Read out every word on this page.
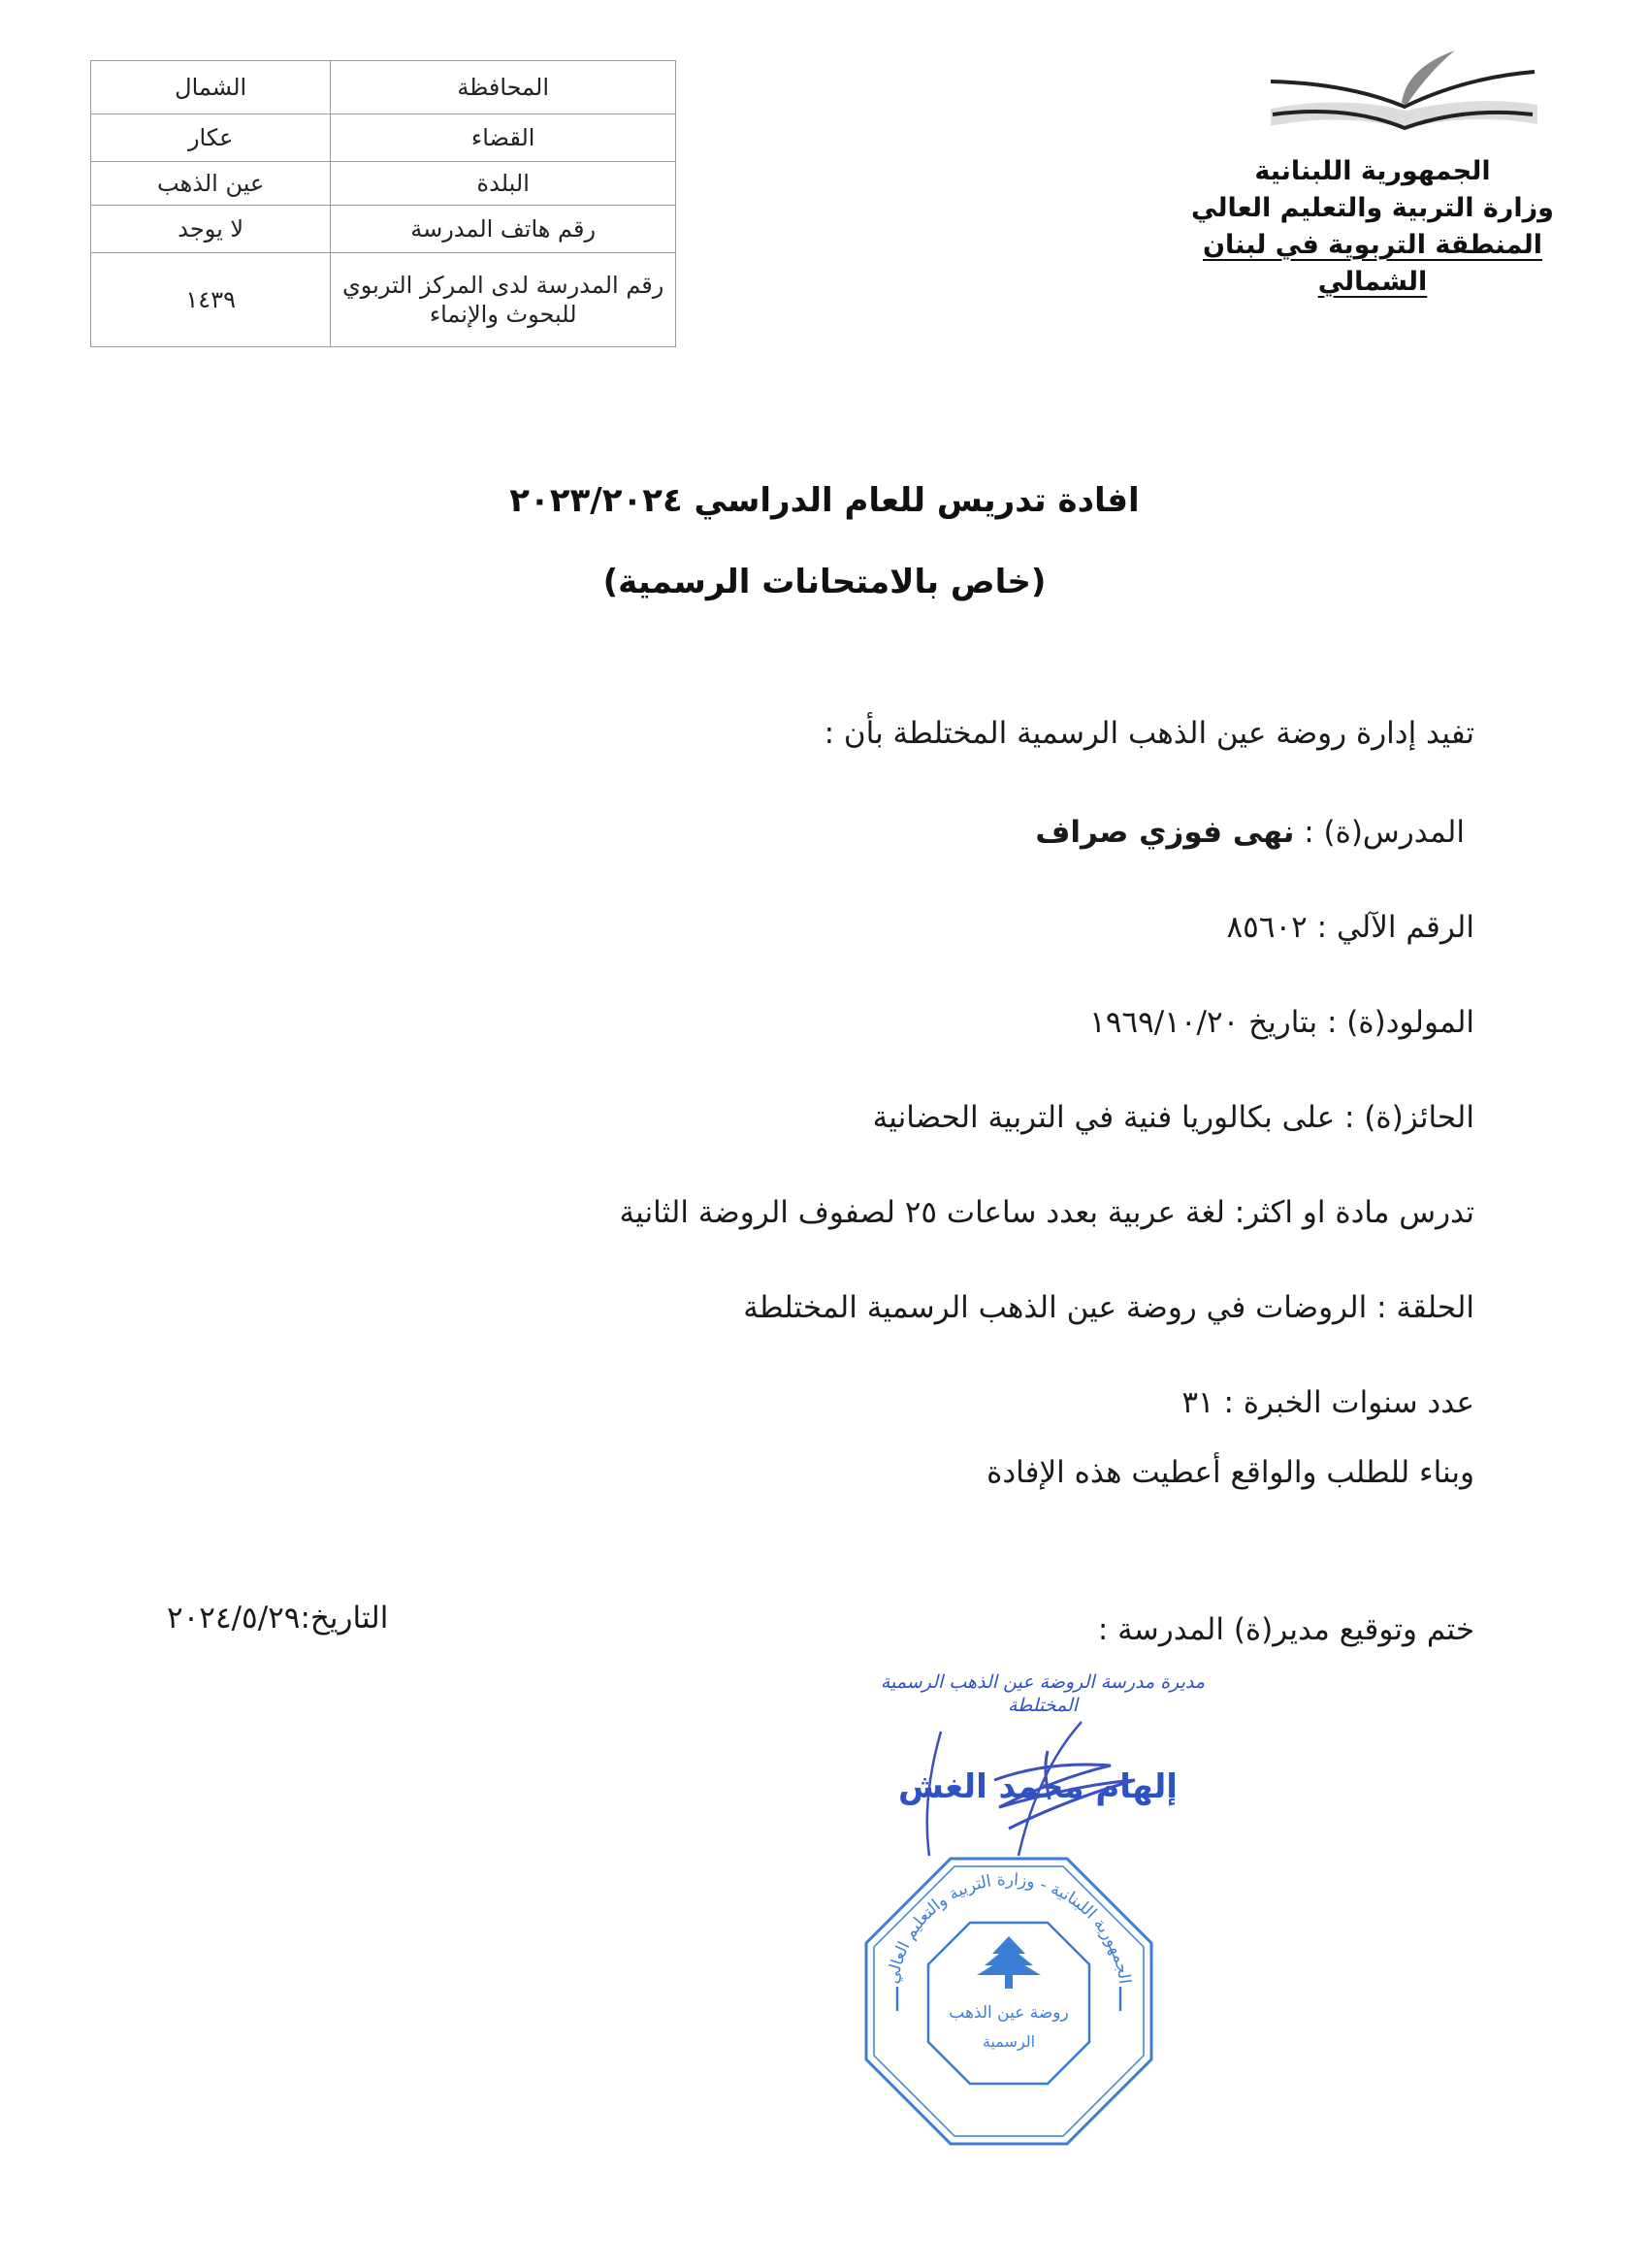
المحافظة	الشمال
القضاء	عكار
البلدة	عين الذهب
رقم هاتف المدرسة	لا يوجد
رقم المدرسة لدى المركز التربوي للبحوث والإنماء	١٤٣٩
الجمهورية اللبنانية
وزارة التربية والتعليم العالي
المنطقة التربوية في لبنان الشمالي
افادة تدريس للعام الدراسي ٢٠٢٣/٢٠٢٤
(خاص بالامتحانات الرسمية)
تفيد إدارة روضة عين الذهب الرسمية المختلطة بأن :
المدرس(ة) : نهى فوزي صراف
الرقم الآلي : ٨٥٦٠٢
المولود(ة) : بتاريخ ١٩٦٩/١٠/٢٠
الحائز(ة) : على بكالوريا فنية في التربية الحضانية
تدرس مادة او اكثر: لغة عربية بعدد ساعات ٢٥ لصفوف الروضة الثانية
الحلقة : الروضات في روضة عين الذهب الرسمية المختلطة
عدد سنوات الخبرة : ٣١
وبناء للطلب والواقع أعطيت هذه الإفادة
ختم وتوقيع مدير(ة) المدرسة :
التاريخ:٢٠٢٤/٥/٢٩
مديرة مدرسة الروضة عين الذهب الرسمية المختلطة
إلهام محمد الغش
روضة عين الذهب
الرسمية
الجمهورية اللبنانية - وزارة التربية والتعليم العالي
